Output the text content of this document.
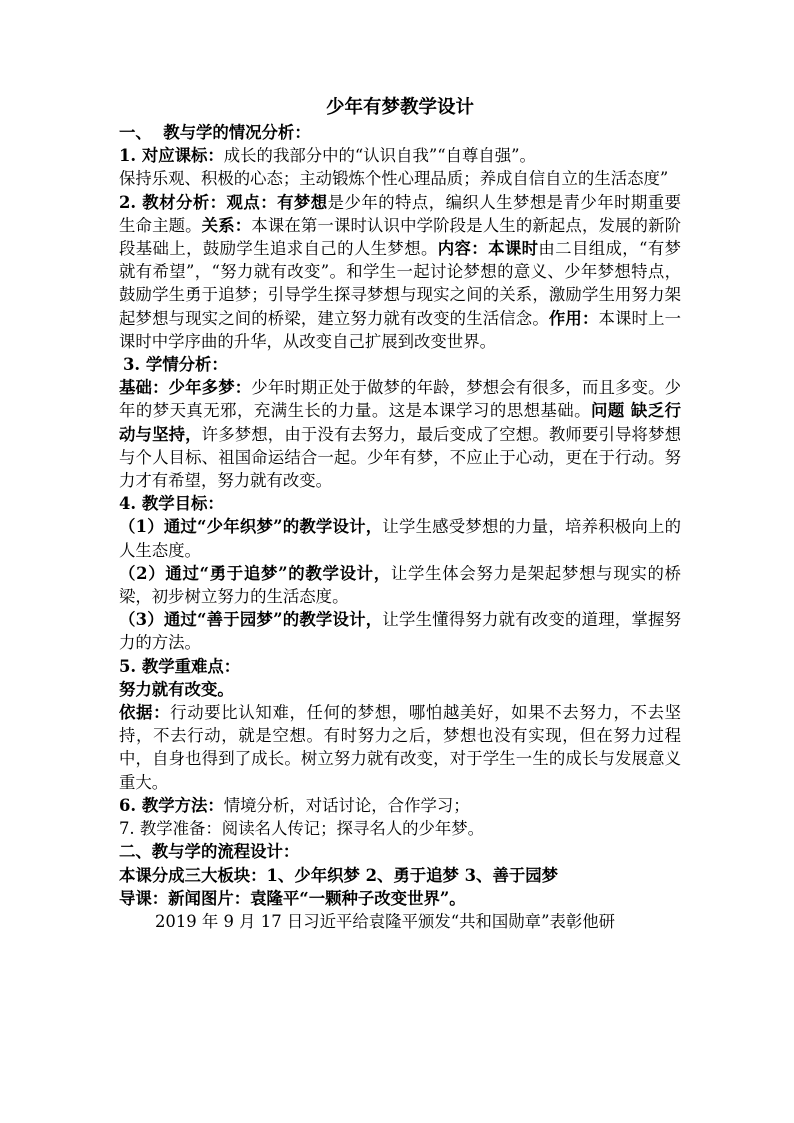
少年有梦教学设计

一、  教与学的情况分析：

1. 对应课标：成长的我部分中的“认识自我”“自尊自强”。

保持乐观、积极的心态；主动锻炼个性心理品质；养成自信自立的生活态度”

2. 教材分析：观点：有梦想是少年的特点，编织人生梦想是青少年时期重要生命主题。关系：本课在第一课时认识中学阶段是人生的新起点，发展的新阶段基础上，鼓励学生追求自己的人生梦想。内容：本课时由二目组成，“有梦就有希望”，“努力就有改变”。和学生一起讨论梦想的意义、少年梦想特点，鼓励学生勇于追梦；引导学生探寻梦想与现实之间的关系，激励学生用努力架起梦想与现实之间的桥梁，建立努力就有改变的生活信念。作用：本课时上一课时中学序曲的升华，从改变自己扩展到改变世界。

3. 学情分析：

基础：少年多梦：少年时期正处于做梦的年龄，梦想会有很多，而且多变。少年的梦天真无邪，充满生长的力量。这是本课学习的思想基础。问题 缺乏行动与坚持，许多梦想，由于没有去努力，最后变成了空想。教师要引导将梦想与个人目标、祖国命运结合一起。少年有梦，不应止于心动，更在于行动。努力才有希望，努力就有改变。

4. 教学目标：

（1）通过“少年织梦”的教学设计，让学生感受梦想的力量，培养积极向上的人生态度。

（2）通过“勇于追梦”的教学设计，让学生体会努力是架起梦想与现实的桥梁，初步树立努力的生活态度。

（3）通过“善于园梦”的教学设计，让学生懂得努力就有改变的道理，掌握努力的方法。

5. 教学重难点：

努力就有改变。

依据：行动要比认知难，任何的梦想，哪怕越美好，如果不去努力，不去坚持，不去行动，就是空想。有时努力之后，梦想也没有实现，但在努力过程中，自身也得到了成长。树立努力就有改变，对于学生一生的成长与发展意义重大。

6. 教学方法：情境分析，对话讨论，合作学习；

7. 教学准备：阅读名人传记；探寻名人的少年梦。

二、教与学的流程设计：

本课分成三大板块：1、少年织梦 2、勇于追梦 3、善于园梦

导课：新闻图片：袁隆平“一颗种子改变世界”。

2019 年 9 月 17 日习近平给袁隆平颁发“共和国勋章”表彰他研
